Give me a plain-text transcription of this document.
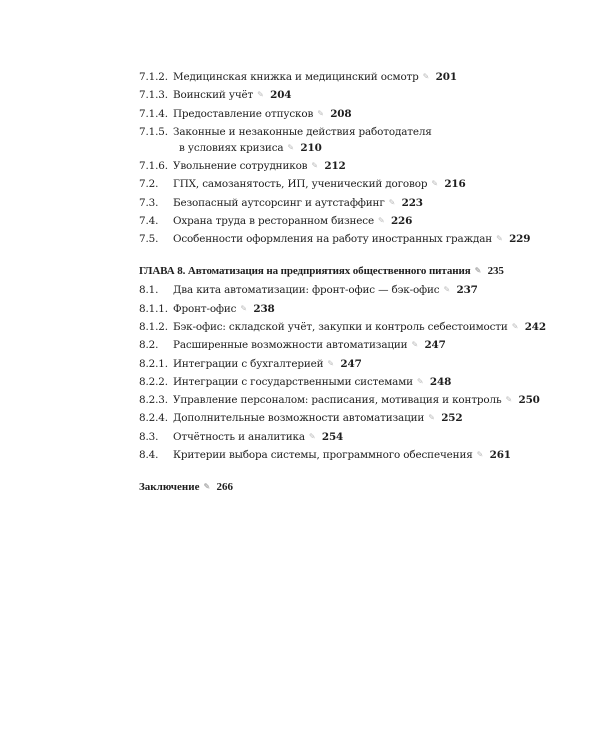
7.1.2. Медицинская книжка и медицинский осмотр ✎ 201
7.1.3. Воинский учёт ✎ 204
7.1.4. Предоставление отпусков ✎ 208
7.1.5. Законные и незаконные действия работодателя
в условиях кризиса ✎ 210
7.1.6. Увольнение сотрудников ✎ 212
7.2.	ГПХ, самозанятость, ИП, ученический договор ✎ 216
7.3.	Безопасный аутсорсинг и аутстаффинг ✎ 223
7.4.	Охрана труда в ресторанном бизнесе ✎ 226
7.5.	Особенности оформления на работу иностранных граждан ✎ 229
ГЛАВА 8. Автоматизация на предприятиях общественного питания ✎ 235
8.1.	Два кита автоматизации: фронт-офис — бэк-офис ✎ 237
8.1.1. Фронт-офис ✎ 238
8.1.2. Бэк-офис: складской учёт, закупки и контроль себестоимости ✎ 242
8.2.	Расширенные возможности автоматизации ✎ 247
8.2.1. Интеграции с бухгалтерией ✎ 247
8.2.2. Интеграции с государственными системами ✎ 248
8.2.3. Управление персоналом: расписания, мотивация и контроль ✎ 250
8.2.4. Дополнительные возможности автоматизации ✎ 252
8.3.	Отчётность и аналитика ✎ 254
8.4.	Критерии выбора системы, программного обеспечения ✎ 261
Заключение ✎ 266
